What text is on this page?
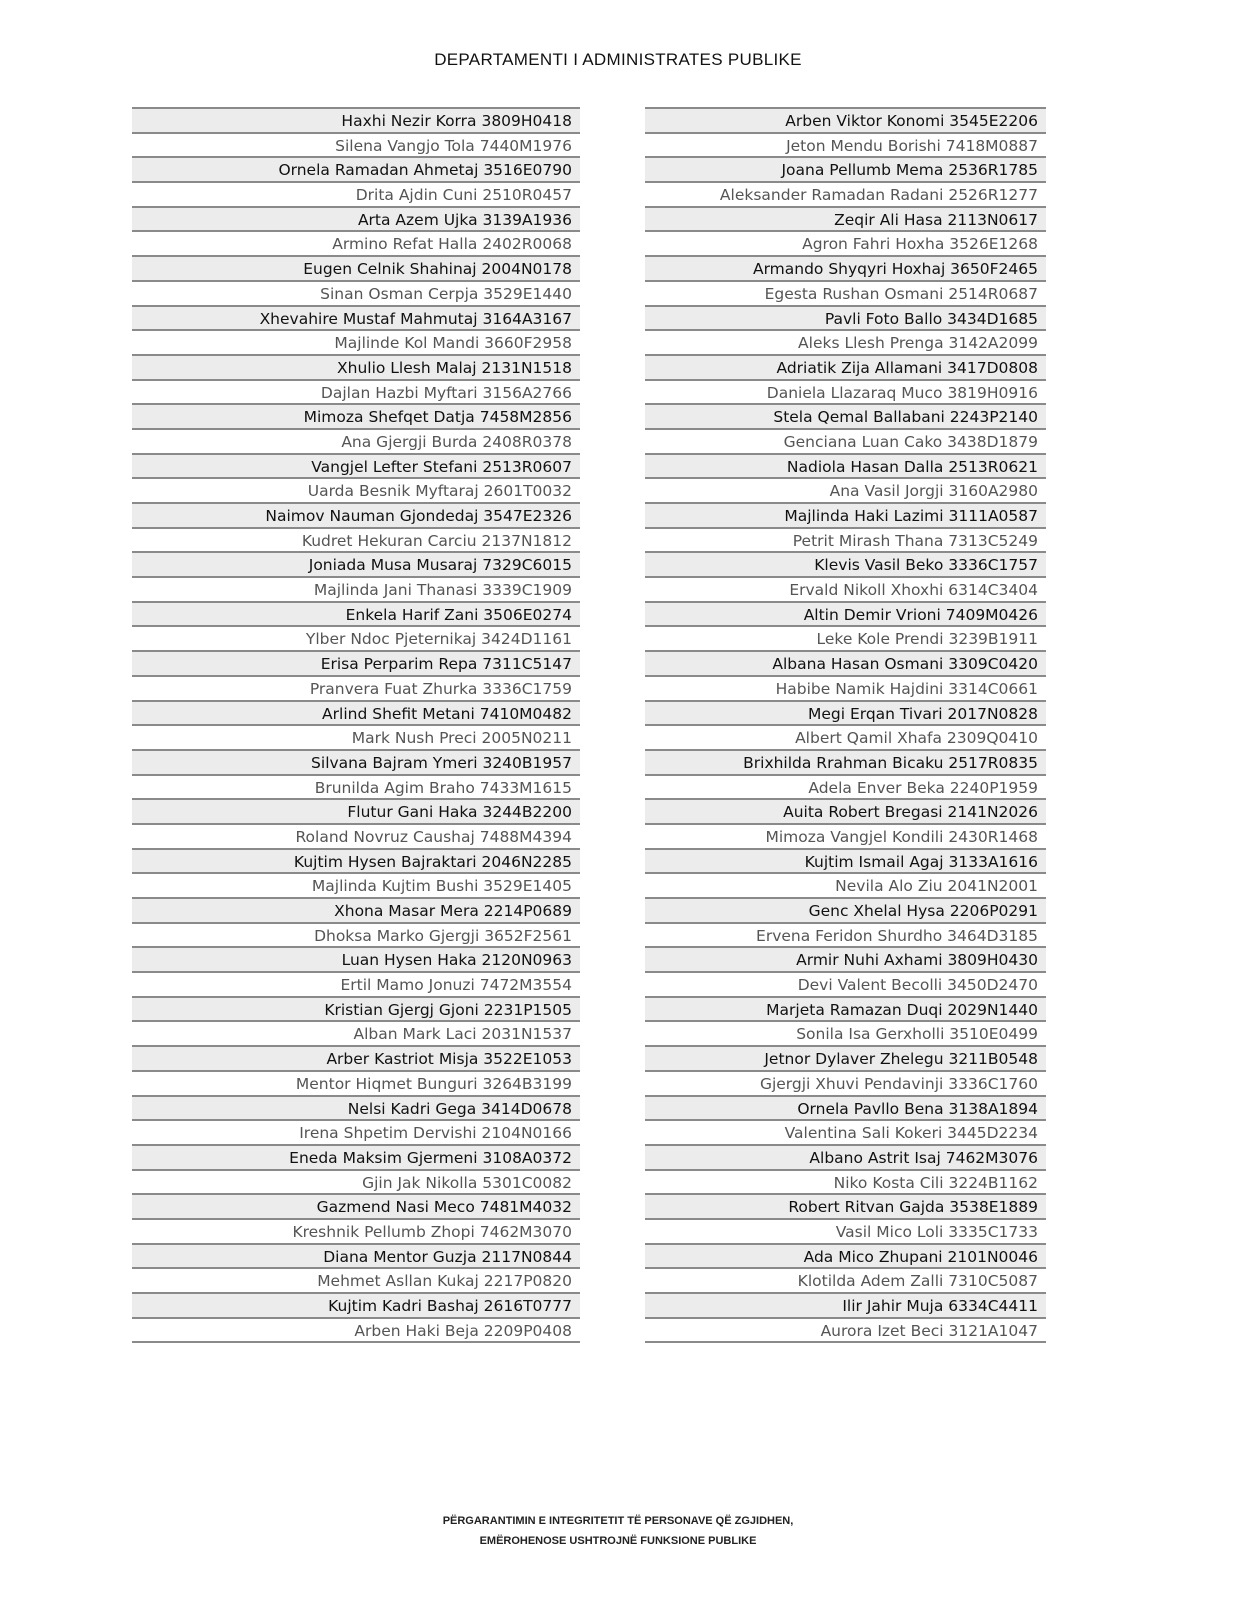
DEPARTAMENTI I ADMINISTRATES PUBLIKE
Haxhi Nezir Korra 3809H0418
Silena Vangjo Tola 7440M1976
Ornela Ramadan Ahmetaj 3516E0790
Drita Ajdin Cuni 2510R0457
Arta Azem Ujka 3139A1936
Armino Refat Halla 2402R0068
Eugen Celnik Shahinaj 2004N0178
Sinan Osman Cerpja 3529E1440
Xhevahire Mustaf Mahmutaj 3164A3167
Majlinde Kol Mandi 3660F2958
Xhulio Llesh Malaj 2131N1518
Dajlan Hazbi Myftari 3156A2766
Mimoza Shefqet Datja 7458M2856
Ana Gjergji Burda 2408R0378
Vangjel Lefter Stefani 2513R0607
Uarda Besnik Myftaraj 2601T0032
Naimov Nauman Gjondedaj 3547E2326
Kudret Hekuran Carciu 2137N1812
Joniada Musa Musaraj 7329C6015
Majlinda Jani Thanasi 3339C1909
Enkela Harif Zani 3506E0274
Ylber Ndoc Pjeternikaj 3424D1161
Erisa Perparim Repa 7311C5147
Pranvera Fuat Zhurka 3336C1759
Arlind Shefit Metani 7410M0482
Mark Nush Preci 2005N0211
Silvana Bajram Ymeri 3240B1957
Brunilda Agim Braho 7433M1615
Flutur Gani Haka 3244B2200
Roland Novruz Caushaj 7488M4394
Kujtim Hysen Bajraktari 2046N2285
Majlinda Kujtim Bushi 3529E1405
Xhona Masar Mera 2214P0689
Dhoksa Marko Gjergji 3652F2561
Luan Hysen Haka 2120N0963
Ertil Mamo Jonuzi 7472M3554
Kristian Gjergj Gjoni 2231P1505
Alban Mark Laci 2031N1537
Arber Kastriot Misja 3522E1053
Mentor Hiqmet Bunguri 3264B3199
Nelsi Kadri Gega 3414D0678
Irena Shpetim Dervishi 2104N0166
Eneda Maksim Gjermeni 3108A0372
Gjin Jak Nikolla 5301C0082
Gazmend Nasi Meco 7481M4032
Kreshnik Pellumb Zhopi 7462M3070
Diana Mentor Guzja 2117N0844
Mehmet Asllan Kukaj 2217P0820
Kujtim Kadri Bashaj 2616T0777
Arben Haki Beja 2209P0408
Arben Viktor Konomi 3545E2206
Jeton Mendu Borishi 7418M0887
Joana Pellumb Mema 2536R1785
Aleksander Ramadan Radani 2526R1277
Zeqir Ali Hasa 2113N0617
Agron Fahri Hoxha 3526E1268
Armando Shyqyri Hoxhaj 3650F2465
Egesta Rushan Osmani 2514R0687
Pavli Foto Ballo 3434D1685
Aleks Llesh Prenga 3142A2099
Adriatik Zija Allamani 3417D0808
Daniela Llazaraq Muco 3819H0916
Stela Qemal Ballabani 2243P2140
Genciana Luan Cako 3438D1879
Nadiola Hasan Dalla 2513R0621
Ana Vasil Jorgji 3160A2980
Majlinda Haki Lazimi 3111A0587
Petrit Mirash Thana 7313C5249
Klevis Vasil Beko 3336C1757
Ervald Nikoll Xhoxhi 6314C3404
Altin Demir Vrioni 7409M0426
Leke Kole Prendi 3239B1911
Albana Hasan Osmani 3309C0420
Habibe Namik Hajdini 3314C0661
Megi Erqan Tivari 2017N0828
Albert Qamil Xhafa 2309Q0410
Brixhilda Rrahman Bicaku 2517R0835
Adela Enver Beka 2240P1959
Auita Robert Bregasi 2141N2026
Mimoza Vangjel Kondili 2430R1468
Kujtim Ismail Agaj 3133A1616
Nevila Alo Ziu 2041N2001
Genc Xhelal Hysa 2206P0291
Ervena Feridon Shurdho 3464D3185
Armir Nuhi Axhami 3809H0430
Devi Valent Becolli 3450D2470
Marjeta Ramazan Duqi 2029N1440
Sonila Isa Gerxholli 3510E0499
Jetnor Dylaver Zhelegu 3211B0548
Gjergji Xhuvi Pendavinji 3336C1760
Ornela Pavllo Bena 3138A1894
Valentina Sali Kokeri 3445D2234
Albano Astrit Isaj 7462M3076
Niko Kosta Cili 3224B1162
Robert Ritvan Gajda 3538E1889
Vasil Mico Loli 3335C1733
Ada Mico Zhupani 2101N0046
Klotilda Adem Zalli 7310C5087
Ilir Jahir Muja 6334C4411
Aurora Izet Beci 3121A1047
PËRGARANTIMIN E INTEGRITETIT TË PERSONAVE QË ZGJIDHEN,
EMËROHENOSE USHTROJNË FUNKSIONE PUBLIKE
